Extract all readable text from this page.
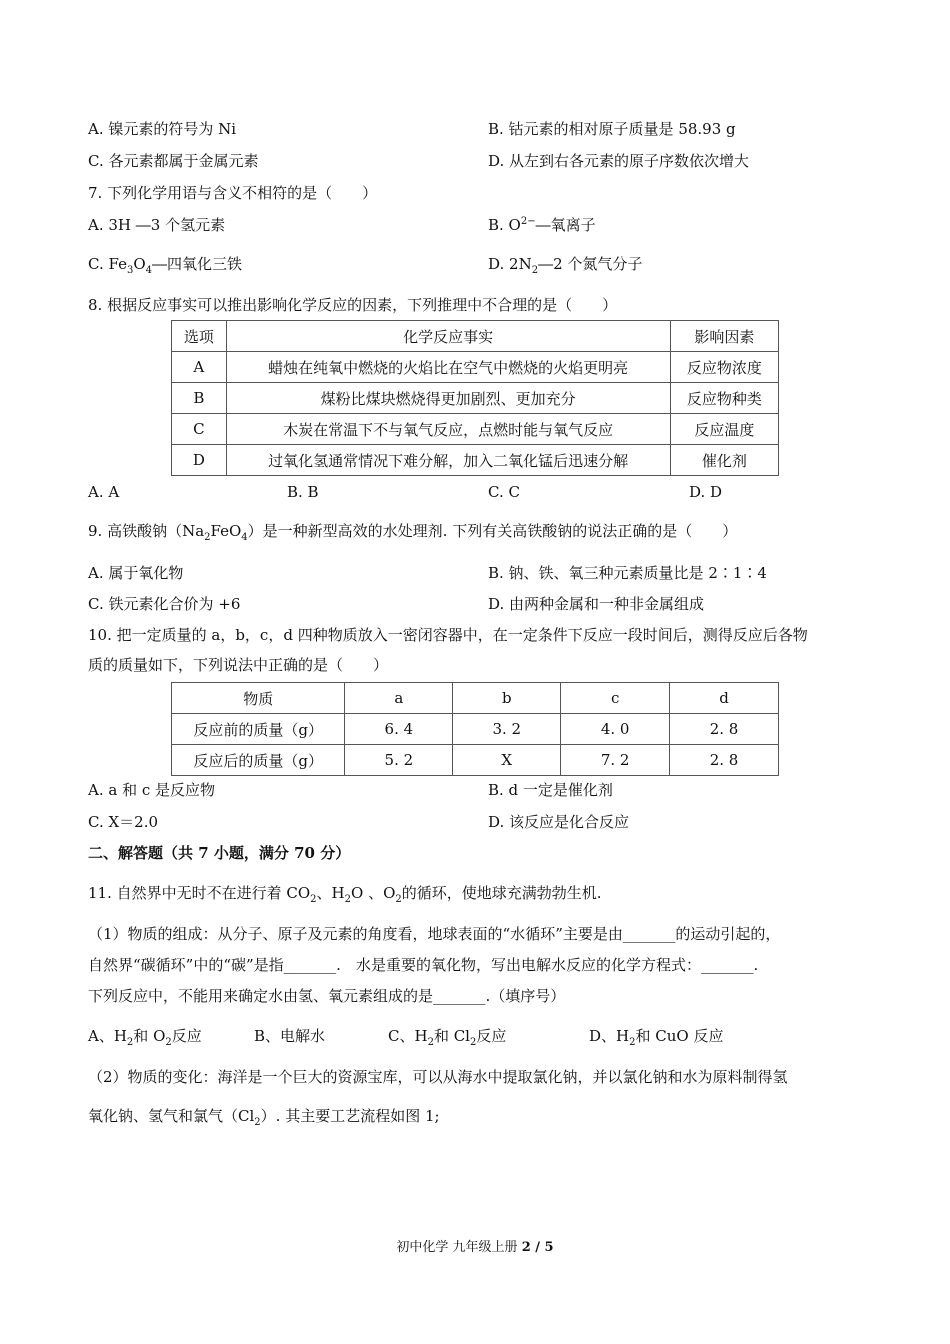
A. 镍元素的符号为 Ni	B. 钴元素的相对原子质量是 58.93 g
C. 各元素都属于金属元素	D. 从左到右各元素的原子序数依次增大
7. 下列化学用语与含义不相符的是（　　）
A. 3H ―3 个氢元素	B. $O^{2-}―$氧离子
C. $Fe_3O_4―$四氧化三铁	D. $2N_2―2$ 个氮气分子
8. 根据反应事实可以推出影响化学反应的因素，下列推理中不合理的是（　　）
选项	化学反应事实	影响因素
A	蜡烛在纯氧中燃烧的火焰比在空气中燃烧的火焰更明亮	反应物浓度
B	煤粉比煤块燃烧得更加剧烈、更加充分	反应物种类
C	木炭在常温下不与氧气反应，点燃时能与氧气反应	反应温度
D	过氧化氢通常情况下难分解，加入二氧化锰后迅速分解	催化剂
A. A	B. B	C. C	D. D
9. 高铁酸钠$(Na_2FeO_4)$是一种新型高效的水处理剂. 下列有关高铁酸钠的说法正确的是（　　）
A. 属于氧化物	B. 钠、铁、氧三种元素质量比是 2∶1∶4
C. 铁元素化合价为 +6	D. 由两种金属和一种非金属组成
10. 把一定质量的 a，b，c，d 四种物质放入一密闭容器中，在一定条件下反应一段时间后，测得反应后各物
质的质量如下，下列说法中正确的是（　　）
物质	a	b	c	d
反应前的质量（g）	6. 4	3. 2	4. 0	2. 8
反应后的质量（g）	5. 2	X	7. 2	2. 8
A. a 和 c 是反应物	B. d 一定是催化剂
C. X＝2.0	D. 该反应是化合反应
二、解答题（共 7 小题，满分 70 分）
11. 自然界中无时不在进行着 $CO_2$、$H_2O$ 、$O_2$的循环，使地球充满勃勃生机.
（1）物质的组成：从分子、原子及元素的角度看，地球表面的“水循环”主要是由_______的运动引起的，
自然界“碳循环”中的“碳”是指_______.　水是重要的氧化物，写出电解水反应的化学方程式：_______.
下列反应中，不能用来确定水由氢、氧元素组成的是_______.（填序号）
A、$H_2$和 $O_2$反应	B、电解水	C、$H_2$和 $Cl_2$反应	D、$H_2$和 CuO 反应
（2）物质的变化：海洋是一个巨大的资源宝库，可以从海水中提取氯化钠，并以氯化钠和水为原料制得氢
氧化钠、氢气和氯气$(Cl_2)$. 其主要工艺流程如图 1;
初中化学 九年级上册 2 / 5
